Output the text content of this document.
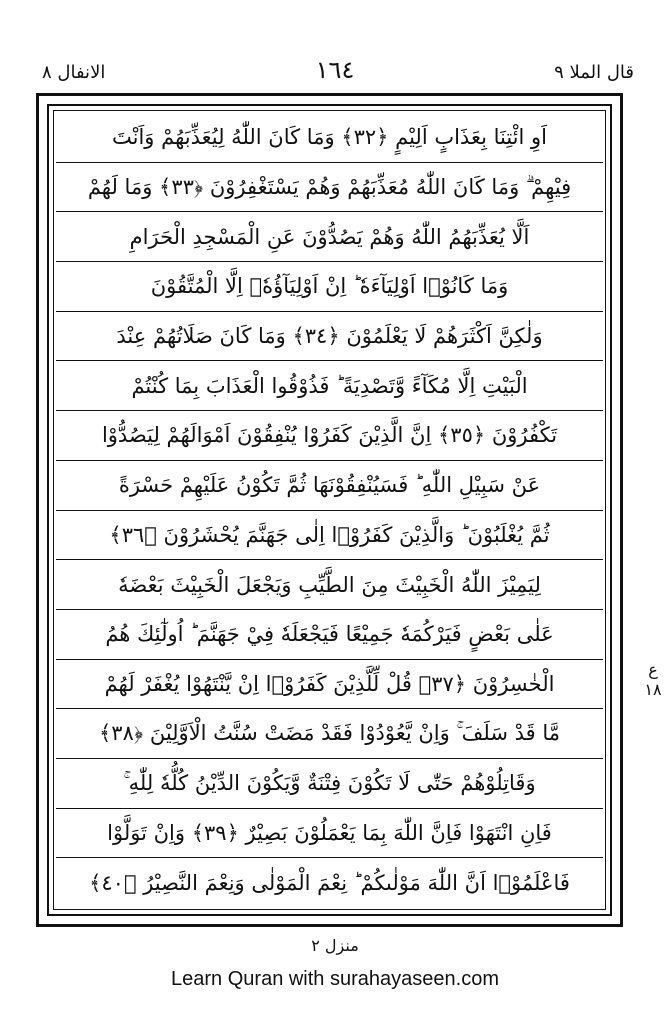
قال الملا ٩
١٦٤
الانفال ٨
اَوِ ائْتِنَا بِعَذَابٍ اَلِيْمٍ ﴿٣٢﴾ وَمَا كَانَ اللّٰهُ لِيُعَذِّبَهُمْ وَاَنْتَ
فِيْهِمْ ۗ وَمَا كَانَ اللّٰهُ مُعَذِّبَهُمْ وَهُمْ يَسْتَغْفِرُوْنَ ﴿٣٣﴾ وَمَا لَهُمْ
اَلَّا يُعَذِّبَهُمُ اللّٰهُ وَهُمْ يَصُدُّوْنَ عَنِ الْمَسْجِدِ الْحَرَامِ
وَمَا كَانُوْۤا اَوْلِيَآءَهٗ ؕ اِنْ اَوْلِيَآؤُهٗۤ اِلَّا الْمُتَّقُوْنَ
وَلٰكِنَّ اَكْثَرَهُمْ لَا يَعْلَمُوْنَ ﴿٣٤﴾ وَمَا كَانَ صَلَاتُهُمْ عِنْدَ
الْبَيْتِ اِلَّا مُكَآءً وَّتَصْدِيَةً ؕ فَذُوْقُوا الْعَذَابَ بِمَا كُنْتُمْ
تَكْفُرُوْنَ ﴿٣٥﴾ اِنَّ الَّذِيْنَ كَفَرُوْا يُنْفِقُوْنَ اَمْوَالَهُمْ لِيَصُدُّوْا
عَنْ سَبِيْلِ اللّٰهِ ؕ فَسَيُنْفِقُوْنَهَا ثُمَّ تَكُوْنُ عَلَيْهِمْ حَسْرَةً
ثُمَّ يُغْلَبُوْنَ ؕ وَالَّذِيْنَ كَفَرُوْۤا اِلٰى جَهَنَّمَ يُحْشَرُوْنَ ﴿٣٦﴾
لِيَمِيْزَ اللّٰهُ الْخَبِيْثَ مِنَ الطَّيِّبِ وَيَجْعَلَ الْخَبِيْثَ بَعْضَهٗ
عَلٰى بَعْضٍ فَيَرْكُمَهٗ جَمِيْعًا فَيَجْعَلَهٗ فِيْ جَهَنَّمَ ؕ اُولٰٓئِكَ هُمُ
الْخٰسِرُوْنَ ﴿٣٧﴾ قُلْ لِّلَّذِيْنَ كَفَرُوْۤا اِنْ يَّنْتَهُوْا يُغْفَرْ لَهُمْ
مَّا قَدْ سَلَفَ ۚ وَاِنْ يَّعُوْدُوْا فَقَدْ مَضَتْ سُنَّتُ الْاَوَّلِيْنَ ﴿٣٨﴾
وَقَاتِلُوْهُمْ حَتّٰى لَا تَكُوْنَ فِتْنَةٌ وَّيَكُوْنَ الدِّيْنُ كُلُّهٗ لِلّٰهِ ۚ
فَاِنِ انْتَهَوْا فَاِنَّ اللّٰهَ بِمَا يَعْمَلُوْنَ بَصِيْرٌ ﴿٣٩﴾ وَاِنْ تَوَلَّوْا
فَاعْلَمُوْۤا اَنَّ اللّٰهَ مَوْلٰىكُمْ ؕ نِعْمَ الْمَوْلٰى وَنِعْمَ النَّصِيْرُ ﴿٤٠﴾
ع
١٨
منزل ٢
Learn Quran with surahayaseen.com
